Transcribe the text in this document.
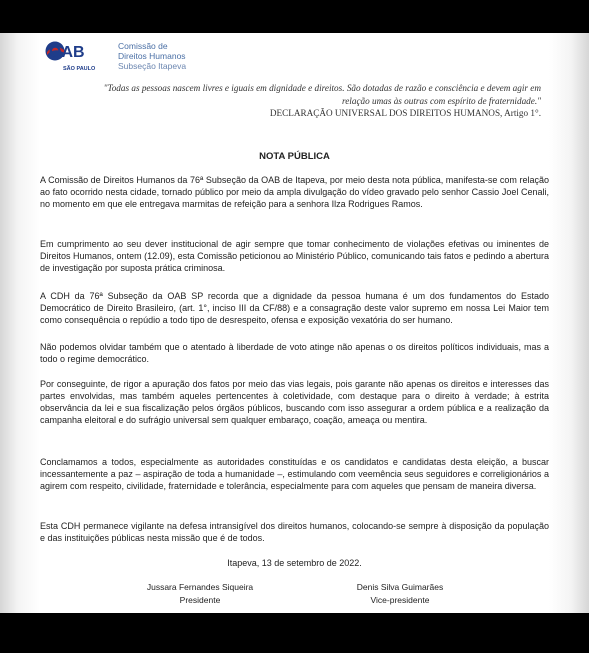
OAB
SÃO PAULO
Comissão de
Direitos Humanos
Subseção Itapeva
"Todas as pessoas nascem livres e iguais em dignidade e direitos. São dotadas de razão e consciência e devem agir em
relação umas às outras com espírito de fraternidade."
DECLARAÇÃO UNIVERSAL DOS DIREITOS HUMANOS, Artigo 1°.
NOTA PÚBLICA

A Comissão de Direitos Humanos da 76ª Subseção da OAB de Itapeva, por meio desta nota pública, manifesta-se com relação ao fato ocorrido nesta cidade, tornado público por meio da ampla divulgação do vídeo gravado pelo senhor Cassio Joel Cenali, no momento em que ele entregava marmitas de refeição para a senhora Ilza Rodrigues Ramos.

Em cumprimento ao seu dever institucional de agir sempre que tomar conhecimento de violações efetivas ou iminentes de Direitos Humanos, ontem (12.09), esta Comissão peticionou ao Ministério Público, comunicando tais fatos e pedindo a abertura de investigação por suposta prática criminosa.

A CDH da 76ª Subseção da OAB SP recorda que a dignidade da pessoa humana é um dos fundamentos do Estado Democrático de Direito Brasileiro, (art. 1°, inciso III da CF/88) e a consagração deste valor supremo em nossa Lei Maior tem como consequência o repúdio a todo tipo de desrespeito, ofensa e exposição vexatória do ser humano.

Não podemos olvidar também que o atentado à liberdade de voto atinge não apenas o os direitos políticos individuais, mas a todo o regime democrático.

Por conseguinte, de rigor a apuração dos fatos por meio das vias legais, pois garante não apenas os direitos e interesses das partes envolvidas, mas também aqueles pertencentes à coletividade, com destaque para o direito à verdade; à estrita observância da lei e sua fiscalização pelos órgãos públicos, buscando com isso assegurar a ordem pública e a realização da campanha eleitoral e do sufrágio universal sem qualquer embaraço, coação, ameaça ou mentira.

Conclamamos a todos, especialmente as autoridades constituídas e os candidatos e candidatas desta eleição, a buscar incessantemente a paz – aspiração de toda a humanidade –, estimulando com veemência seus seguidores e correligionários a agirem com respeito, civilidade, fraternidade e tolerância, especialmente para com aqueles que pensam de maneira diversa.

Esta CDH permanece vigilante na defesa intransigível dos direitos humanos, colocando-se sempre à disposição da população e das instituições públicas nesta missão que é de todos.

Itapeva, 13 de setembro de 2022.
Jussara Fernandes Siqueira
Presidente
Denis Silva Guimarães
Vice-presidente
